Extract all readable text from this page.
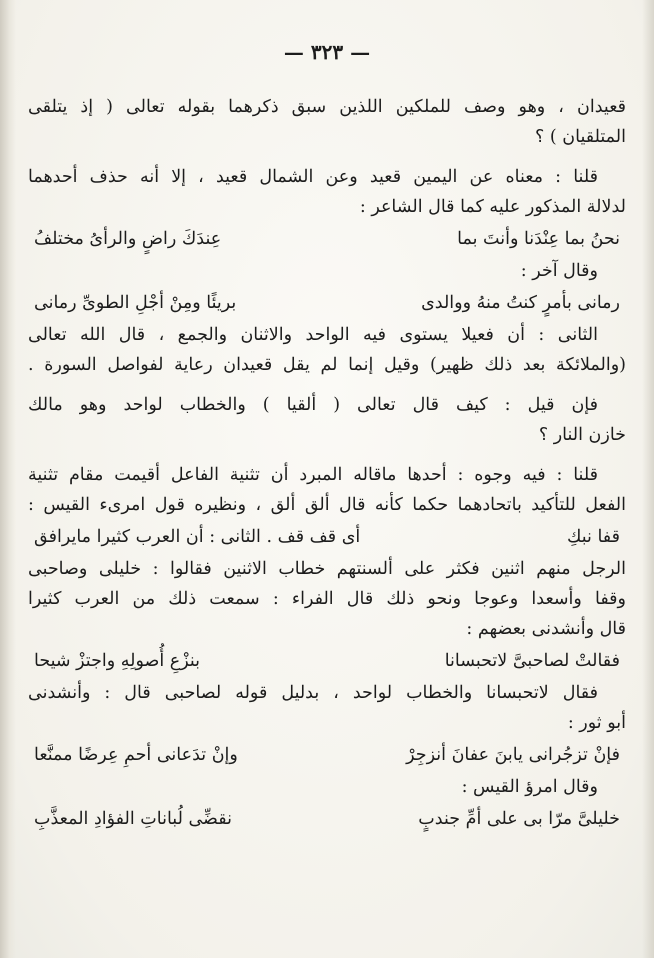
— ٣٢٣ —
قعيدان ، وهو وصف للملكين اللذين سبق ذكرهما بقوله تعالى ( إذ يتلقى
المتلقيان ) ؟
قلنا : معناه عن اليمين قعيد وعن الشمال قعيد ، إلا أنه حذف أحدهما
لدلالة المذكور عليه كما قال الشاعر :
نحنُ بما عِنْدَنا وأنتَ بما
عِندَكَ راضٍ والرأىُ مختلفُ
وقال آخر :
رمانى بأمرٍ كنتُ منهُ ووالدى
بريئًا ومِنْ أجْلِ الطوىِّ رمانى
الثانى : أن فعيلا يستوى فيه الواحد والاثنان والجمع ، قال الله تعالى
(والملائكة بعد ذلك ظهير) وقيل إنما لم يقل قعيدان رعاية لفواصل السورة .
فإن قيل : كيف قال تعالى ( ألقيا ) والخطاب لواحد وهو مالك
خازن النار ؟
قلنا : فيه وجوه : أحدها ماقاله المبرد أن تثنية الفاعل أقيمت مقام تثنية
الفعل للتأكيد باتحادهما حكما كأنه قال ألق ألق ، ونظيره قول امرىء القيس :
قفا نبكِ
أى قف قف . الثانى : أن العرب كثيرا مايرافق
الرجل منهم اثنين فكثر على ألسنتهم خطاب الاثنين فقالوا : خليلى وصاحبى
وقفا وأسعدا وعوجا ونحو ذلك قال الفراء : سمعت ذلك من العرب كثيرا
قال وأنشدنى بعضهم :
فقالتْ لصاحبىَّ لاتحبسانا
بنزْعِ أُصولِهِ واجتزْ شيحا
فقال لاتحبسانا والخطاب لواحد ، بدليل قوله لصاحبى قال : وأنشدنى
أبو ثور :
فإنْ تزجُرانى يابنَ عفانَ أنزجِرْ
وإنْ تدَعانى أحمِ عِرضًا ممنَّعا
وقال امرؤ القيس :
خليلىَّ مرّا بى على أمِّ جندبٍ
نقضِّى لُباناتِ الفؤادِ المعذَّبِ
